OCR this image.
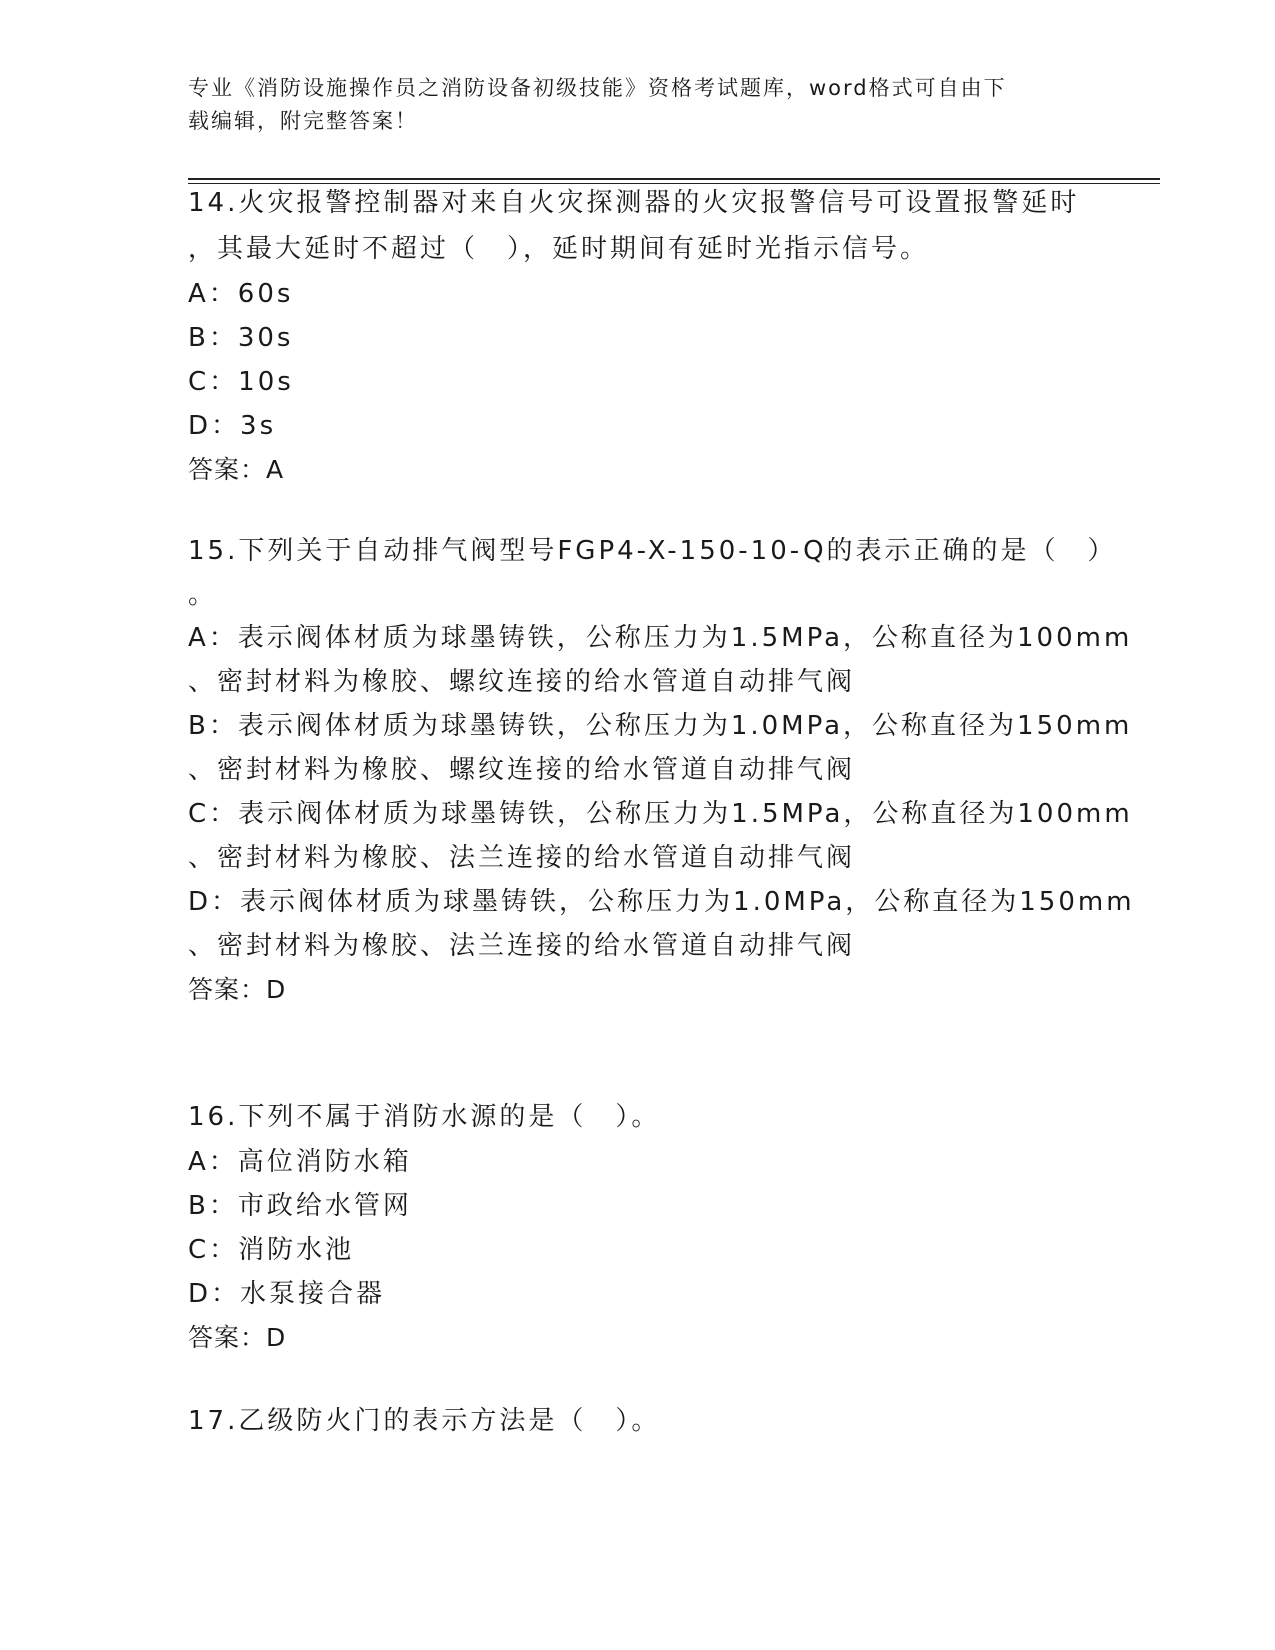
专业《消防设施操作员之消防设备初级技能》资格考试题库，word格式可自由下
载编辑，附完整答案！
14.火灾报警控制器对来自火灾探测器的火灾报警信号可设置报警延时
，其最大延时不超过（　），延时期间有延时光指示信号。
A：60s
B：30s
C：10s
D：3s
答案：A
15.下列关于自动排气阀型号FGP4-X-150-10-Q的表示正确的是（　）
。
A：表示阀体材质为球墨铸铁，公称压力为1.5MPa，公称直径为100mm
、密封材料为橡胶、螺纹连接的给水管道自动排气阀
B：表示阀体材质为球墨铸铁，公称压力为1.0MPa，公称直径为150mm
、密封材料为橡胶、螺纹连接的给水管道自动排气阀
C：表示阀体材质为球墨铸铁，公称压力为1.5MPa，公称直径为100mm
、密封材料为橡胶、法兰连接的给水管道自动排气阀
D：表示阀体材质为球墨铸铁，公称压力为1.0MPa，公称直径为150mm
、密封材料为橡胶、法兰连接的给水管道自动排气阀
答案：D
16.下列不属于消防水源的是（　）。
A：高位消防水箱
B：市政给水管网
C：消防水池
D：水泵接合器
答案：D
17.乙级防火门的表示方法是（　）。
